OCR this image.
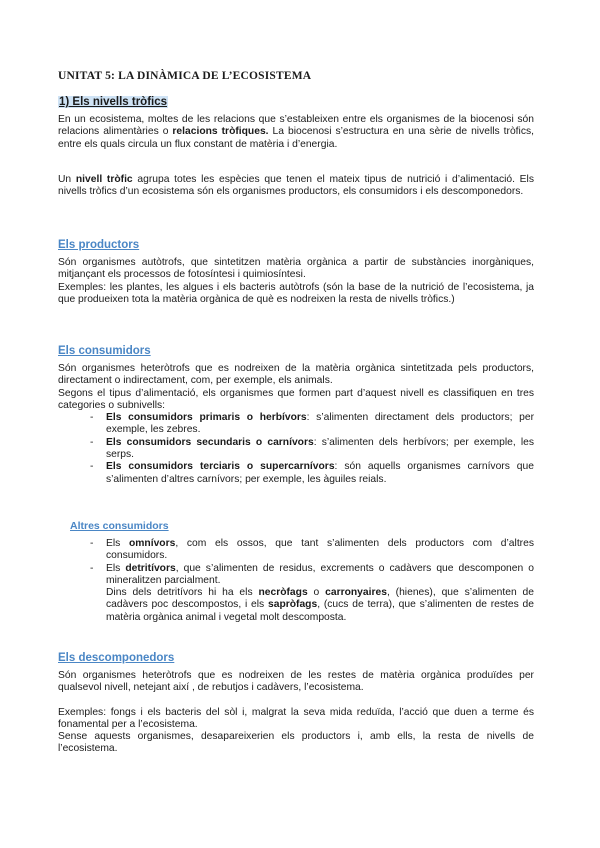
UNITAT 5: LA DINÀMICA DE L’ECOSISTEMA
1) Els nivells tròfics

En un ecosistema, moltes de les relacions que s’estableixen entre els organismes de la biocenosi són relacions alimentàries o relacions tròfiques. La biocenosi s’estructura en una sèrie de nivells tròfics, entre els quals circula un flux constant de matèria i d’energia.

Un nivell tròfic agrupa totes les espècies que tenen el mateix tipus de nutrició i d’alimentació. Els nivells tròfics d’un ecosistema són els organismes productors, els consumidors i els descomponedors.

Els productors

Són organismes autòtrofs, que sintetitzen matèria orgànica a partir de substàncies inorgàniques, mitjançant els processos de fotosíntesi i quimiosíntesi.

Exemples: les plantes, les algues i els bacteris autòtrofs (són la base de la nutrició de l’ecosistema, ja que produeixen tota la matèria orgànica de què es nodreixen la resta de nivells tròfics.)

Els consumidors

Són organismes heteròtrofs que es nodreixen de la matèria orgànica sintetitzada pels productors, directament o indirectament, com, per exemple, els animals.

Segons el tipus d’alimentació, els organismes que formen part d’aquest nivell es classifiquen en tres categories o subnivells:

- Els consumidors primaris o herbívors: s’alimenten directament dels productors; per exemple, les zebres.
- Els consumidors secundaris o carnívors: s’alimenten dels herbívors; per exemple, les serps.
- Els consumidors terciaris o supercarnívors: són aquells organismes carnívors que s’alimenten d’altres carnívors; per exemple, les àguiles reials.
Altres consumidors
- Els omnívors, com els ossos, que tant s’alimenten dels productors com d’altres consumidors.
- Els detritívors, que s’alimenten de residus, excrements o cadàvers que descomponen o mineralitzen parcialment.
Dins dels detritívors hi ha els necròfags o carronyaires, (hienes), que s’alimenten de cadàvers poc descompostos, i els sapròfags, (cucs de terra), que s’alimenten de restes de matèria orgànica animal i vegetal molt descomposta.
Els descomponedors

Són organismes heteròtrofs que es nodreixen de les restes de matèria orgànica produïdes per qualsevol nivell, netejant així , de rebutjos i cadàvers, l’ecosistema.

Exemples: fongs i els bacteris del sòl i, malgrat la seva mida reduïda, l’acció que duen a terme és fonamental per a l’ecosistema.

Sense aquests organismes, desapareixerien els productors i, amb ells, la resta de nivells de l’ecosistema.
